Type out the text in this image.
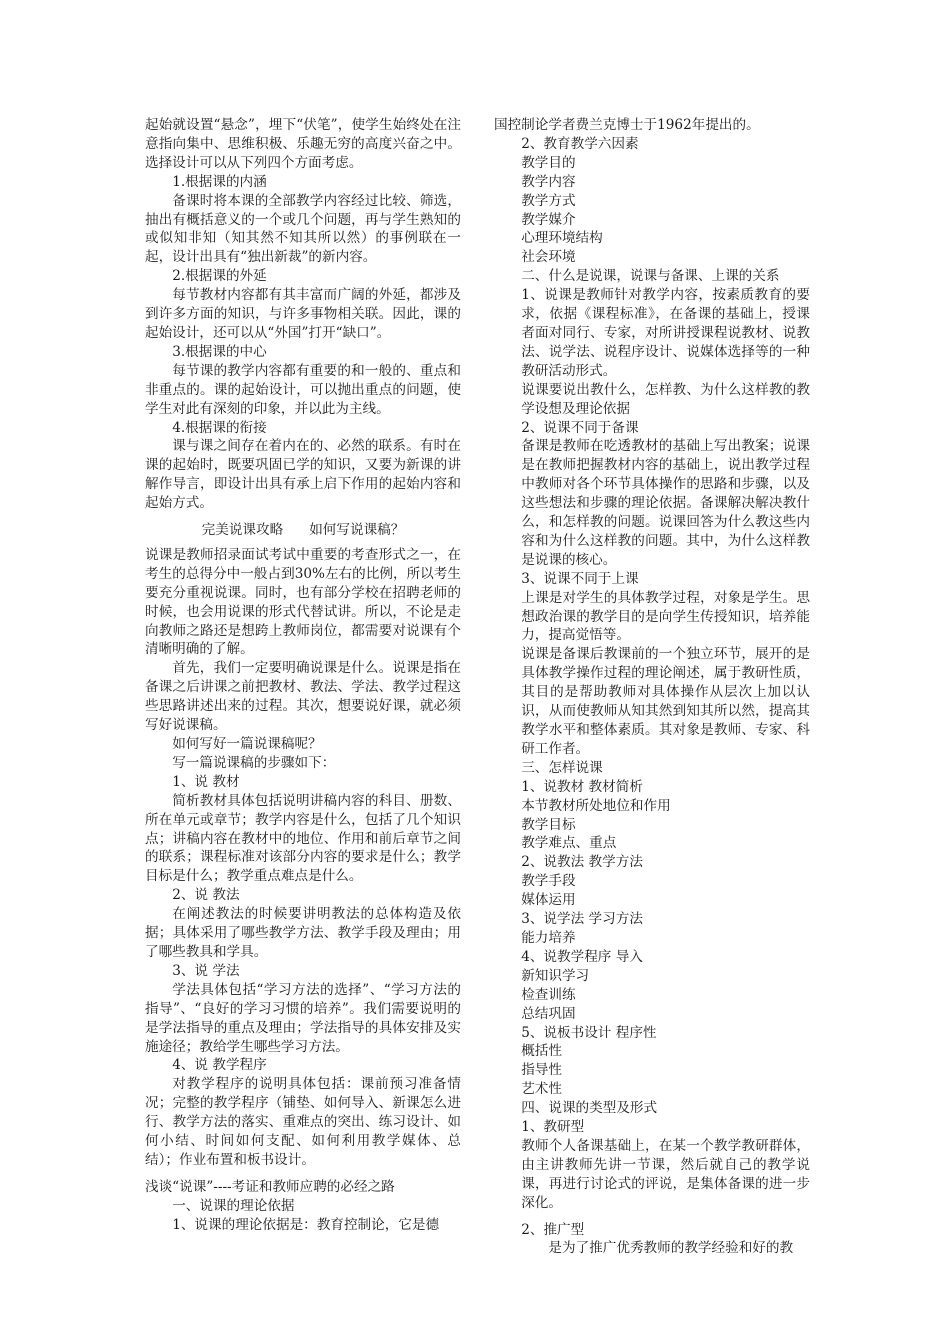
起始就设置“悬念”，埋下“伏笔”，使学生始终处在注意指向集中、思维积极、乐趣无穷的高度兴奋之中。选择设计可以从下列四个方面考虑。

1.根据课的内涵

备课时将本课的全部教学内容经过比较、筛选，抽出有概括意义的一个或几个问题，再与学生熟知的或似知非知（知其然不知其所以然）的事例联在一起，设计出具有“独出新裁”的新内容。

2.根据课的外延

每节教材内容都有其丰富而广阔的外延，都涉及到许多方面的知识，与许多事物相关联。因此，课的起始设计，还可以从“外国”打开“缺口”。

3.根据课的中心

每节课的教学内容都有重要的和一般的、重点和非重点的。课的起始设计，可以抛出重点的问题，使学生对此有深刻的印象，并以此为主线。

4.根据课的衔接

课与课之间存在着内在的、必然的联系。有时在课的起始时，既要巩固已学的知识，又要为新课的讲解作导言，即设计出具有承上启下作用的起始内容和起始方式。

完美说课攻略 如何写说课稿？

说课是教师招录面试考试中重要的考查形式之一，在考生的总得分中一般占到30%左右的比例，所以考生要充分重视说课。同时，也有部分学校在招聘老师的时候，也会用说课的形式代替试讲。所以，不论是走向教师之路还是想跨上教师岗位，都需要对说课有个清晰明确的了解。

首先，我们一定要明确说课是什么。说课是指在备课之后讲课之前把教材、教法、学法、教学过程这些思路讲述出来的过程。其次，想要说好课，就必须写好说课稿。

如何写好一篇说课稿呢？

写一篇说课稿的步骤如下：

1、说 教材

简析教材具体包括说明讲稿内容的科目、册数、所在单元或章节；教学内容是什么，包括了几个知识点；讲稿内容在教材中的地位、作用和前后章节之间的联系；课程标准对该部分内容的要求是什么；教学目标是什么；教学重点难点是什么。

2、说 教法

在阐述教法的时候要讲明教法的总体构造及依据；具体采用了哪些教学方法、教学手段及理由；用了哪些教具和学具。

3、说 学法

学法具体包括“学习方法的选择”、“学习方法的指导”、“良好的学习习惯的培养”。我们需要说明的是学法指导的重点及理由；学法指导的具体安排及实施途径；教给学生哪些学习方法。

4、说 教学程序

对教学程序的说明具体包括：课前预习准备情况；完整的教学程序（铺垫、如何导入、新课怎么进行、教学方法的落实、重难点的突出、练习设计、如何小结、时间如何支配、如何利用教学媒体、总结）；作业布置和板书设计。

浅谈“说课”----考证和教师应聘的必经之路

一、说课的理论依据

1、说课的理论依据是：教育控制论，它是德

国控制论学者费兰克博士于1962年提出的。

2、教育教学六因素

教学目的

教学内容

教学方式

教学媒介

心理环境结构

社会环境

二、什么是说课，说课与备课、上课的关系

1、说课是教师针对教学内容，按素质教育的要求，依据《课程标准》，在备课的基础上，授课者面对同行、专家，对所讲授课程说教材、说教法、说学法、说程序设计、说媒体选择等的一种教研活动形式。

说课要说出教什么，怎样教、为什么这样教的教学设想及理论依据

2、说课不同于备课

备课是教师在吃透教材的基础上写出教案；说课是在教师把握教材内容的基础上，说出教学过程中教师对各个环节具体操作的思路和步骤，以及这些想法和步骤的理论依据。备课解决解决教什么，和怎样教的问题。说课回答为什么教这些内容和为什么这样教的问题。其中，为什么这样教是说课的核心。

3、说课不同于上课

上课是对学生的具体教学过程，对象是学生。思想政治课的教学目的是向学生传授知识，培养能力，提高觉悟等。

说课是备课后教课前的一个独立环节，展开的是具体教学操作过程的理论阐述，属于教研性质，其目的是帮助教师对具体操作从层次上加以认识，从而使教师从知其然到知其所以然，提高其教学水平和整体素质。其对象是教师、专家、科研工作者。

三、怎样说课

1、说教材 教材简析

本节教材所处地位和作用

教学目标

教学难点、重点

2、说教法 教学方法

教学手段

媒体运用

3、说学法 学习方法

能力培养

4、说教学程序 导入

新知识学习

检查训练

总结巩固

5、说板书设计 程序性

概括性

指导性

艺术性

四、说课的类型及形式

1、教研型

教师个人备课基础上，在某一个教学教研群体，由主讲教师先讲一节课，然后就自己的教学说课，再进行讨论式的评说，是集体备课的进一步深化。

2、推广型

是为了推广优秀教师的教学经验和好的教
